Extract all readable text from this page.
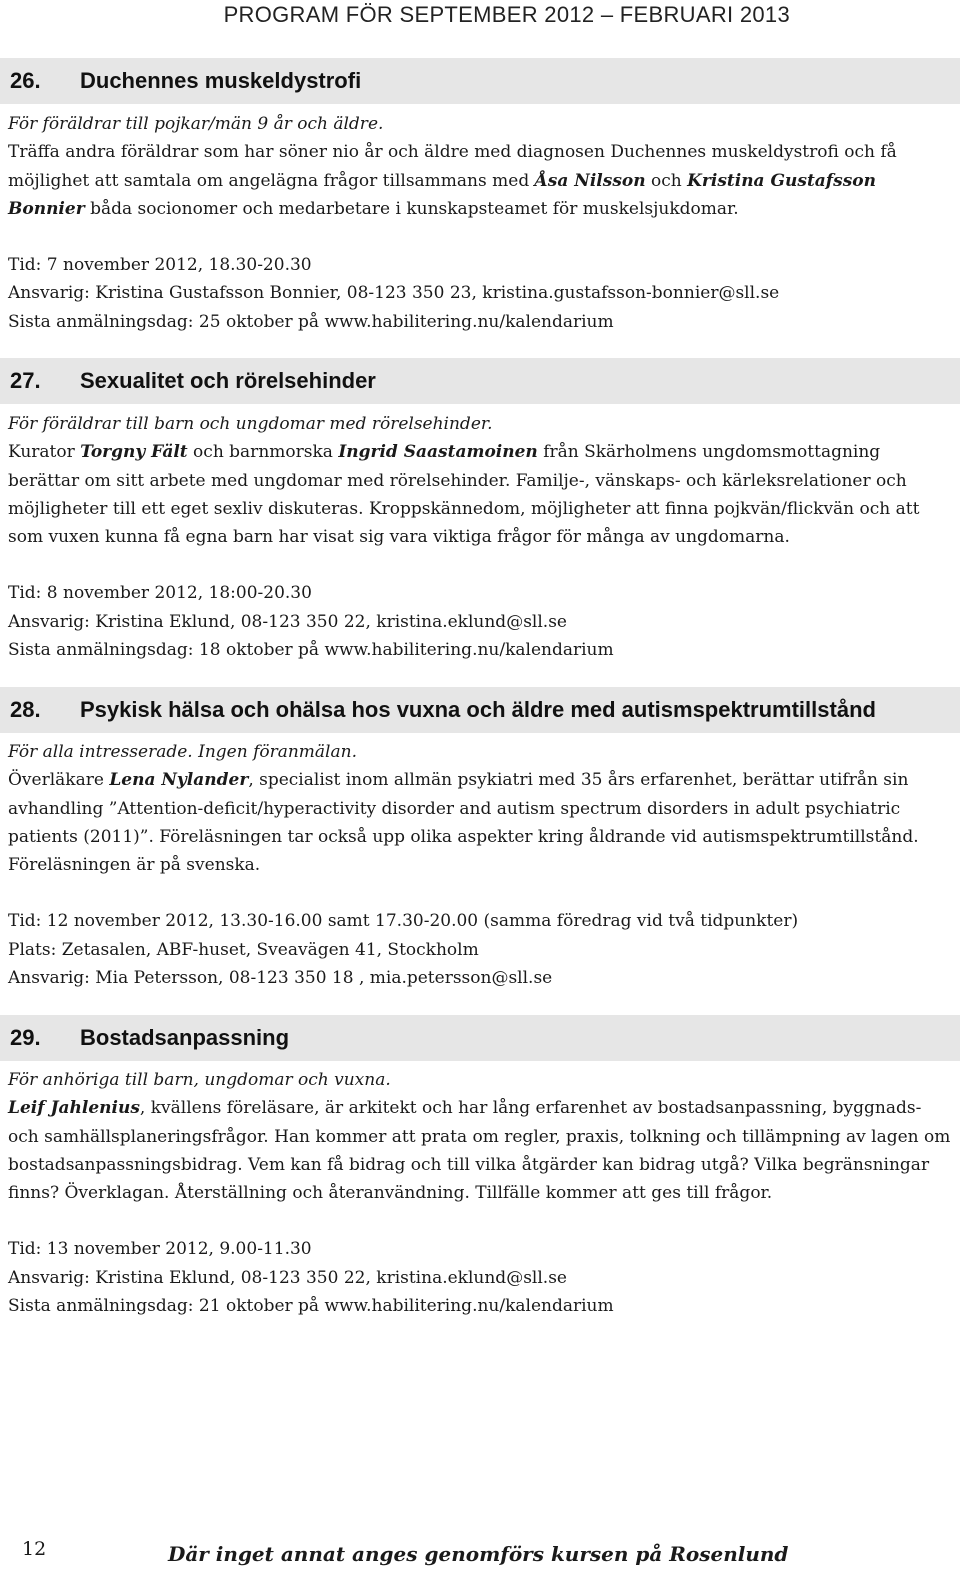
PROGRAM FÖR SEPTEMBER 2012 – FEBRUARI 2013
26. Duchennes muskeldystrofi

För föräldrar till pojkar/män 9 år och äldre.

Träffa andra föräldrar som har söner nio år och äldre med diagnosen Duchennes muskeldystrofi och få möjlighet att samtala om angelägna frågor tillsammans med Åsa Nilsson och Kristina Gustafsson Bonnier båda socionomer och medarbetare i kunskapsteamet för muskelsjukdomar.

Tid: 7 november 2012, 18.30-20.30

Ansvarig: Kristina Gustafsson Bonnier, 08-123 350 23, kristina.gustafsson-bonnier@sll.se

Sista anmälningsdag: 25 oktober på www.habilitering.nu/kalendarium

27. Sexualitet och rörelsehinder

För föräldrar till barn och ungdomar med rörelsehinder.

Kurator Torgny Fält och barnmorska Ingrid Saastamoinen från Skärholmens ungdomsmottagning berättar om sitt arbete med ungdomar med rörelsehinder. Familje-, vänskaps- och kärleksrelationer och möjligheter till ett eget sexliv diskuteras. Kroppskännedom, möjligheter att finna pojkvän/flickvän och att som vuxen kunna få egna barn har visat sig vara viktiga frågor för många av ungdomarna.

Tid: 8 november 2012, 18:00-20.30

Ansvarig: Kristina Eklund, 08-123 350 22, kristina.eklund@sll.se

Sista anmälningsdag: 18 oktober på www.habilitering.nu/kalendarium

28. Psykisk hälsa och ohälsa hos vuxna och äldre med autismspektrumtillstånd

För alla intresserade. Ingen föranmälan.

Överläkare Lena Nylander, specialist inom allmän psykiatri med 35 års erfarenhet, berättar utifrån sin avhandling ”Attention-deficit/hyperactivity disorder and autism spectrum disorders in adult psychiatric patients (2011)”. Föreläsningen tar också upp olika aspekter kring åldrande vid autismspektrumtillstånd. Föreläsningen är på svenska.

Tid: 12 november 2012, 13.30-16.00 samt 17.30-20.00 (samma föredrag vid två tidpunkter)

Plats: Zetasalen, ABF-huset, Sveavägen 41, Stockholm

Ansvarig: Mia Petersson, 08-123 350 18 , mia.petersson@sll.se

29. Bostadsanpassning

För anhöriga till barn, ungdomar och vuxna.

Leif Jahlenius, kvällens föreläsare, är arkitekt och har lång erfarenhet av bostadsanpassning, byggnads- och samhällsplaneringsfrågor. Han kommer att prata om regler, praxis, tolkning och tillämpning av lagen om bostadsanpassningsbidrag. Vem kan få bidrag och till vilka åtgärder kan bidrag utgå? Vilka begränsningar finns? Överklagan. Återställning och återanvändning. Tillfälle kommer att ges till frågor.

Tid: 13 november 2012, 9.00-11.30

Ansvarig: Kristina Eklund, 08-123 350 22, kristina.eklund@sll.se

Sista anmälningsdag: 21 oktober på www.habilitering.nu/kalendarium

12	Där inget annat anges genomförs kursen på Rosenlund
